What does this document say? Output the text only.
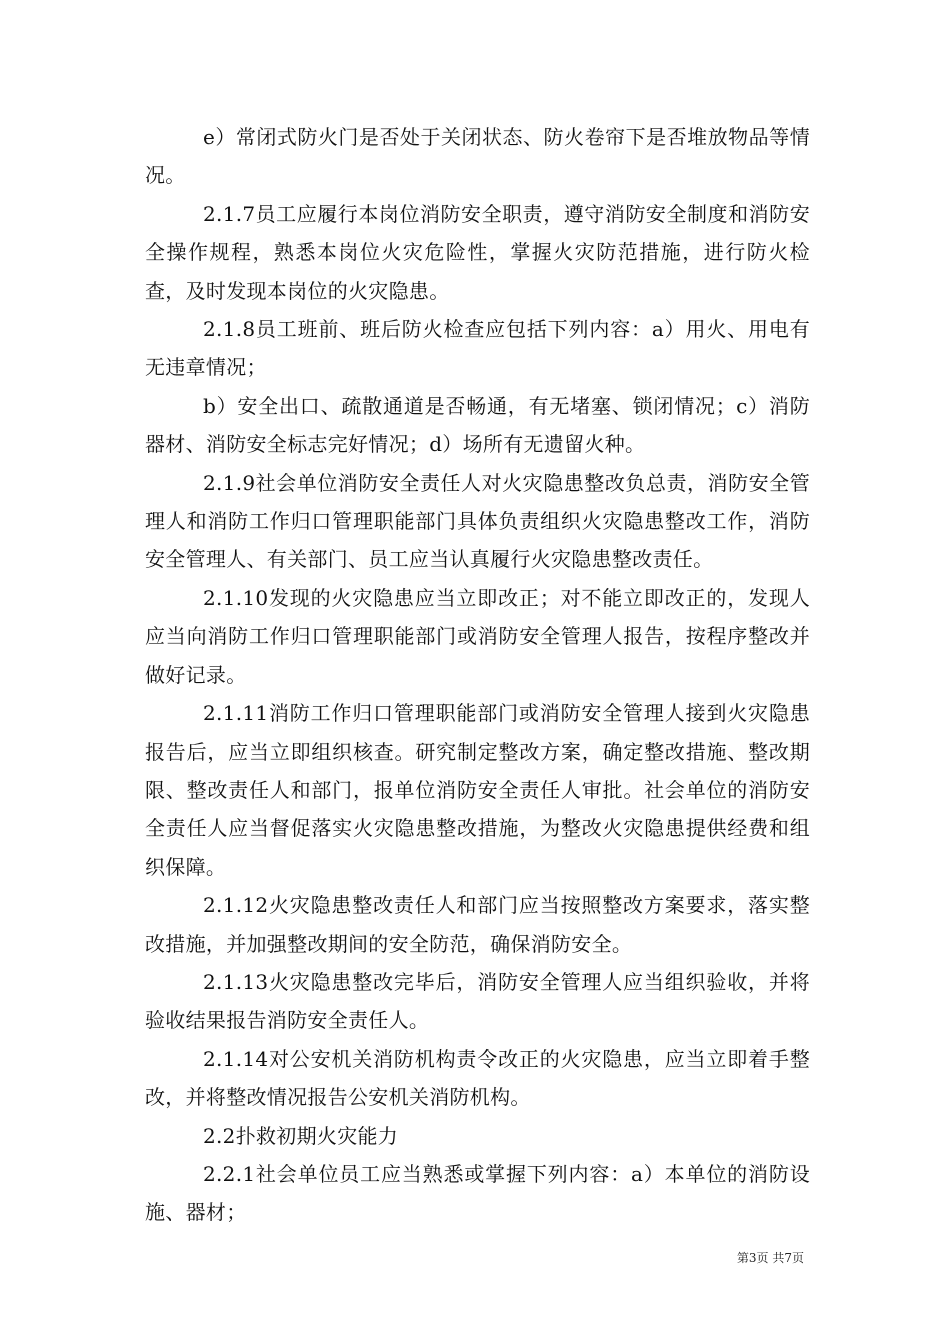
e）常闭式防火门是否处于关闭状态、防火卷帘下是否堆放物品等情况。

2.1.7员工应履行本岗位消防安全职责，遵守消防安全制度和消防安全操作规程，熟悉本岗位火灾危险性，掌握火灾防范措施，进行防火检查，及时发现本岗位的火灾隐患。

2.1.8员工班前、班后防火检查应包括下列内容：a）用火、用电有无违章情况；

b）安全出口、疏散通道是否畅通，有无堵塞、锁闭情况；c）消防器材、消防安全标志完好情况；d）场所有无遗留火种。

2.1.9社会单位消防安全责任人对火灾隐患整改负总责，消防安全管理人和消防工作归口管理职能部门具体负责组织火灾隐患整改工作，消防安全管理人、有关部门、员工应当认真履行火灾隐患整改责任。

2.1.10发现的火灾隐患应当立即改正；对不能立即改正的，发现人应当向消防工作归口管理职能部门或消防安全管理人报告，按程序整改并做好记录。

2.1.11消防工作归口管理职能部门或消防安全管理人接到火灾隐患报告后，应当立即组织核查。研究制定整改方案，确定整改措施、整改期限、整改责任人和部门，报单位消防安全责任人审批。社会单位的消防安全责任人应当督促落实火灾隐患整改措施，为整改火灾隐患提供经费和组织保障。

2.1.12火灾隐患整改责任人和部门应当按照整改方案要求，落实整改措施，并加强整改期间的安全防范，确保消防安全。

2.1.13火灾隐患整改完毕后，消防安全管理人应当组织验收，并将验收结果报告消防安全责任人。

2.1.14对公安机关消防机构责令改正的火灾隐患，应当立即着手整改，并将整改情况报告公安机关消防机构。

2.2扑救初期火灾能力

2.2.1社会单位员工应当熟悉或掌握下列内容：a）本单位的消防设施、器材；

第3页 共7页
